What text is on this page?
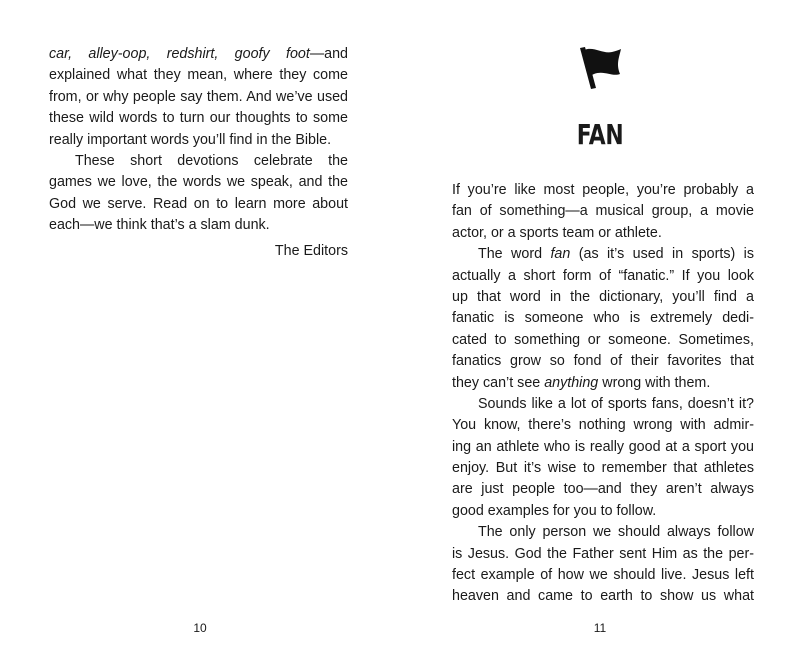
car, alley-oop, redshirt, goofy foot—and
explained what they mean, where they come
from, or why people say them. And we’ve used
these wild words to turn our thoughts to some
really important words you’ll find in the Bible.
These short devotions celebrate the
games we love, the words we speak, and the
God we serve. Read on to learn more about
each—we think that’s a slam dunk.
The Editors

10

FAN
If you’re like most people, you’re probably a
fan of something—a musical group, a movie
actor, or a sports team or athlete.
The word fan (as it’s used in sports) is
actually a short form of “fanatic.” If you look
up that word in the dictionary, you’ll find a
fanatic is someone who is extremely dedi-
cated to something or someone. Sometimes,
fanatics grow so fond of their favorites that
they can’t see anything wrong with them.
Sounds like a lot of sports fans, doesn’t it?
You know, there’s nothing wrong with admir-
ing an athlete who is really good at a sport you
enjoy. But it’s wise to remember that athletes
are just people too—and they aren’t always
good examples for you to follow.
The only person we should always follow
is Jesus. God the Father sent Him as the per-
fect example of how we should live. Jesus left
heaven and came to earth to show us what

11
